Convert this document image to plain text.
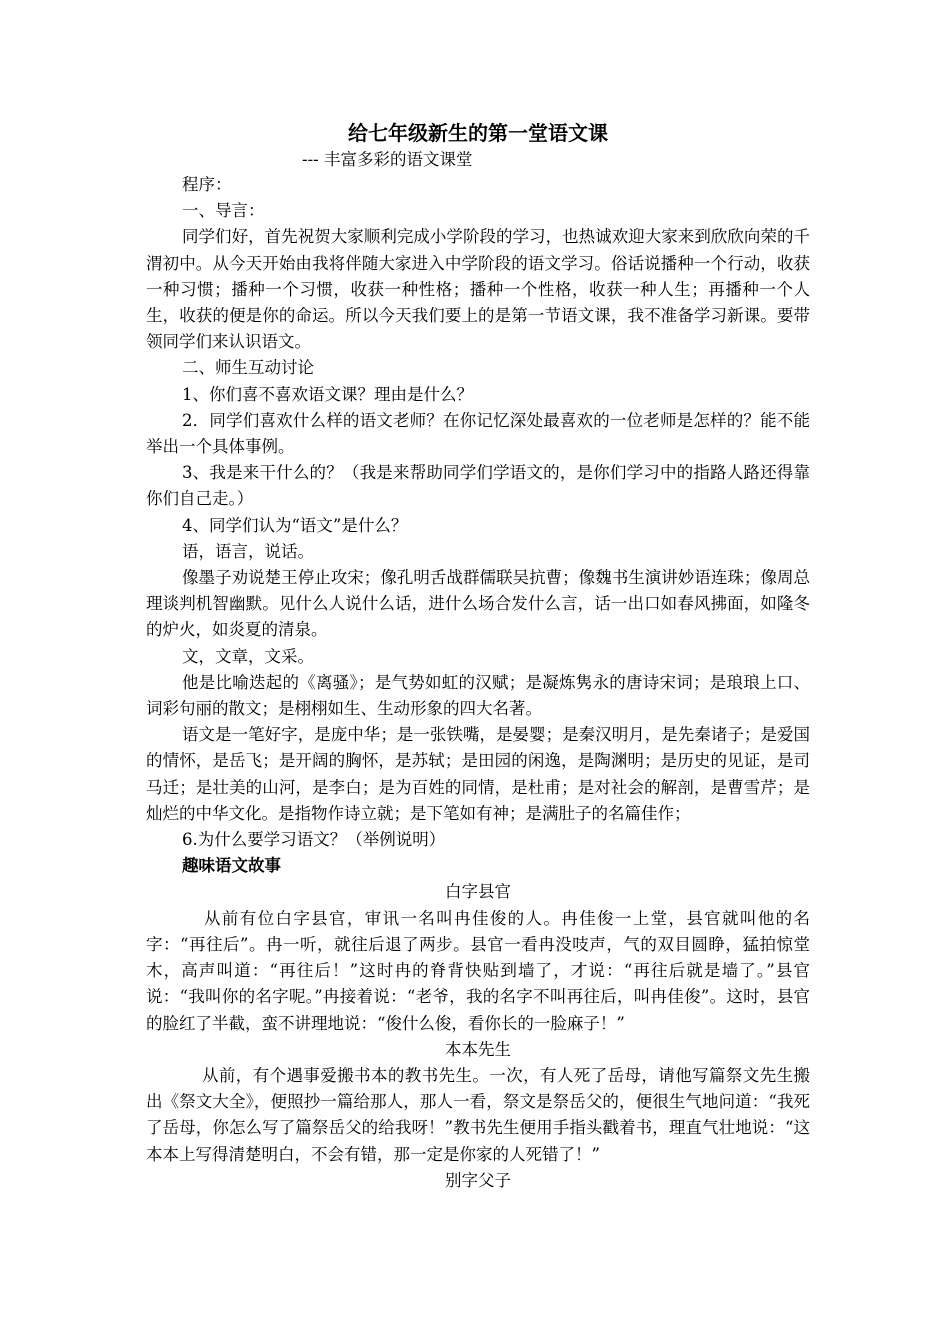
给七年级新生的第一堂语文课
--- 丰富多彩的语文课堂

程序：

一、导言：

同学们好，首先祝贺大家顺利完成小学阶段的学习，也热诚欢迎大家来到欣欣向荣的千渭初中。从今天开始由我将伴随大家进入中学阶段的语文学习。俗话说播种一个行动，收获一种习惯；播种一个习惯，收获一种性格；播种一个性格，收获一种人生；再播种一个人生，收获的便是你的命运。所以今天我们要上的是第一节语文课，我不准备学习新课。要带领同学们来认识语文。

二、师生互动讨论

1、你们喜不喜欢语文课？理由是什么？

2．同学们喜欢什么样的语文老师？在你记忆深处最喜欢的一位老师是怎样的？能不能举出一个具体事例。

3、我是来干什么的？（我是来帮助同学们学语文的，是你们学习中的指路人路还得靠你们自己走。）

4、同学们认为“语文”是什么？

语，语言，说话。

像墨子劝说楚王停止攻宋；像孔明舌战群儒联吴抗曹；像魏书生演讲妙语连珠；像周总理谈判机智幽默。见什么人说什么话，进什么场合发什么言，话一出口如春风拂面，如隆冬的炉火，如炎夏的清泉。

文，文章，文采。

他是比喻迭起的《离骚》；是气势如虹的汉赋；是凝炼隽永的唐诗宋词；是琅琅上口、词彩句丽的散文；是栩栩如生、生动形象的四大名著。

语文是一笔好字，是庞中华；是一张铁嘴，是晏婴；是秦汉明月，是先秦诸子；是爱国的情怀，是岳飞；是开阔的胸怀，是苏轼；是田园的闲逸，是陶渊明；是历史的见证，是司马迁；是壮美的山河，是李白；是为百姓的同情，是杜甫；是对社会的解剖，是曹雪芹；是灿烂的中华文化。是指物作诗立就；是下笔如有神；是满肚子的名篇佳作；

6.为什么要学习语文？（举例说明）

趣味语文故事

白字县官

从前有位白字县官，审讯一名叫冉佳俊的人。冉佳俊一上堂，县官就叫他的名字：“再往后”。冉一听，就往后退了两步。县官一看冉没吱声，气的双目圆睁，猛拍惊堂木，高声叫道：“再往后！”这时冉的脊背快贴到墙了，才说：“再往后就是墙了。”县官说：“我叫你的名字呢。”冉接着说：“老爷，我的名字不叫再往后，叫冉佳俊”。这时，县官的脸红了半截，蛮不讲理地说：“俊什么俊，看你长的一脸麻子！”

本本先生

从前，有个遇事爱搬书本的教书先生。一次，有人死了岳母，请他写篇祭文先生搬出《祭文大全》，便照抄一篇给那人，那人一看，祭文是祭岳父的，便很生气地问道：“我死了岳母，你怎么写了篇祭岳父的给我呀！”教书先生便用手指头戳着书，理直气壮地说：“这本本上写得清楚明白，不会有错，那一定是你家的人死错了！”

别字父子
